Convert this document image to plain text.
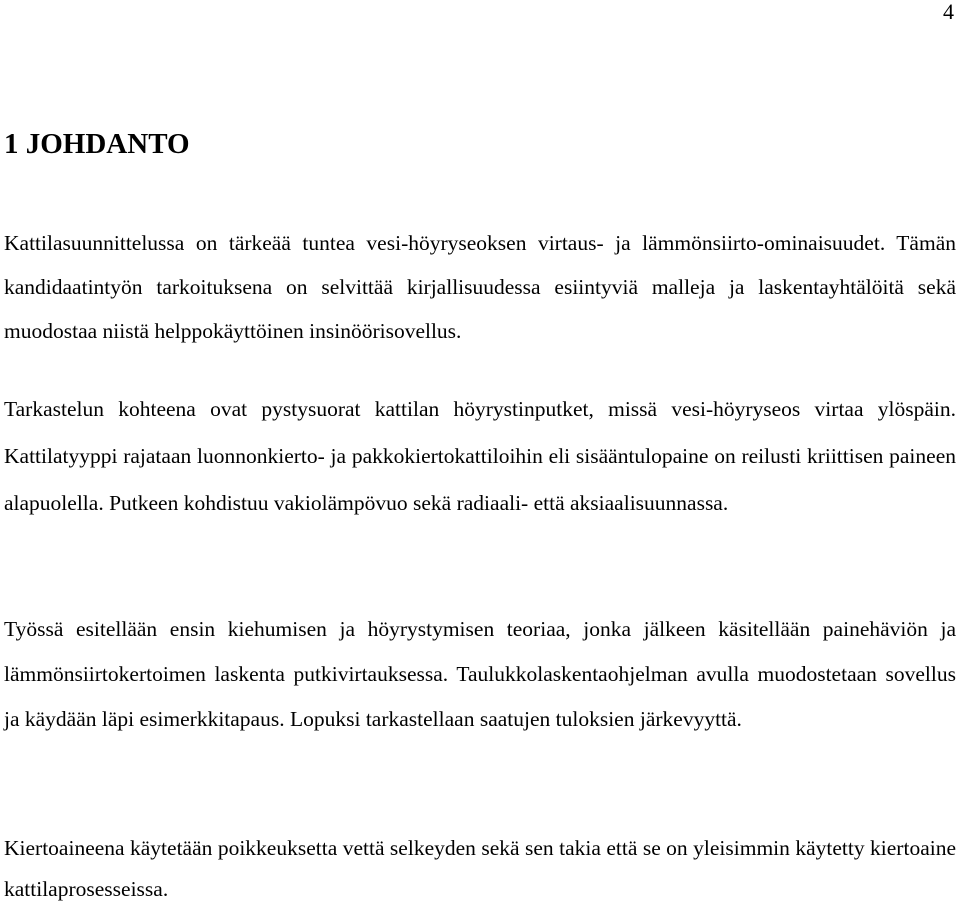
4
1 JOHDANTO

Kattilasuunnittelussa on tärkeää tuntea vesi-höyryseoksen virtaus- ja lämmönsiirto-ominaisuudet. Tämän kandidaatintyön tarkoituksena on selvittää kirjallisuudessa esiintyviä malleja ja laskentayhtälöitä sekä muodostaa niistä helppokäyttöinen insinöörisovellus.

Tarkastelun kohteena ovat pystysuorat kattilan höyrystinputket, missä vesi-höyryseos virtaa ylöspäin. Kattilatyyppi rajataan luonnonkierto- ja pakkokiertokattiloihin eli sisääntulopaine on reilusti kriittisen paineen alapuolella. Putkeen kohdistuu vakiolämpövuo sekä radiaali- että aksiaalisuunnassa.

Työssä esitellään ensin kiehumisen ja höyrystymisen teoriaa, jonka jälkeen käsitellään painehäviön ja lämmönsiirtokertoimen laskenta putkivirtauksessa. Taulukkolaskentaohjelman avulla muodostetaan sovellus ja käydään läpi esimerkkitapaus. Lopuksi tarkastellaan saatujen tuloksien järkevyyttä.

Kiertoaineena käytetään poikkeuksetta vettä selkeyden sekä sen takia että se on yleisimmin käytetty kiertoaine kattilaprosesseissa.
